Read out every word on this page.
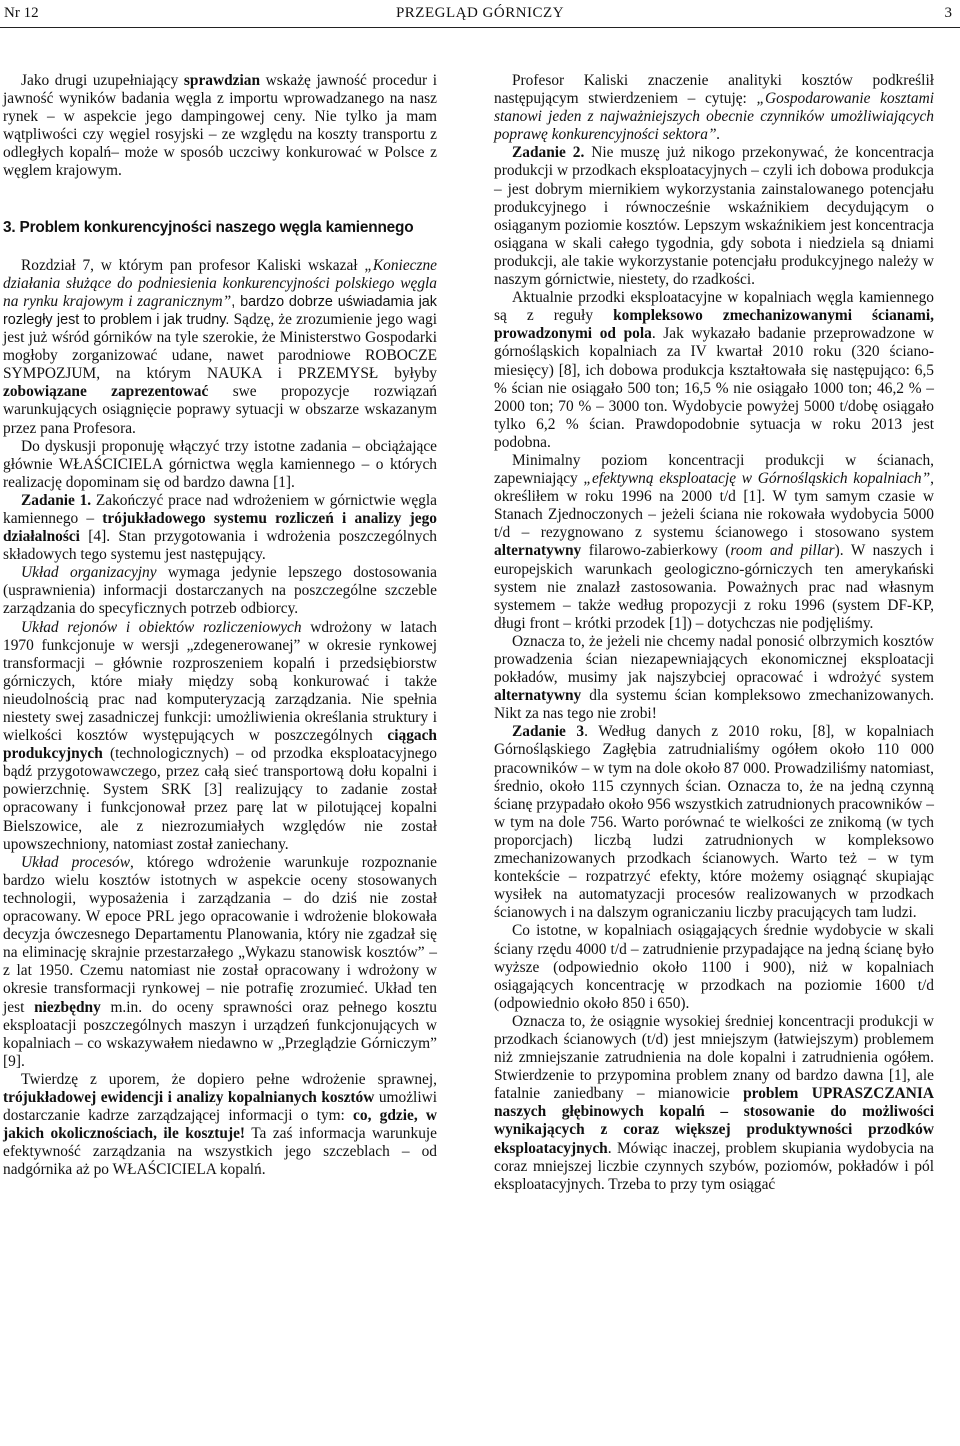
Nr 12	PRZEGLĄD GÓRNICZY	3

Jako drugi uzupełniający sprawdzian wskażę jawność procedur i jawność wyników badania węgla z importu wprowadzanego na nasz rynek – w aspekcie jego dampingowej ceny. Nie tylko ja mam wątpliwości czy węgiel rosyjski – ze względu na koszty transportu z odległych kopalń– może w sposób uczciwy konkurować w Polsce z węglem krajowym.

3. Problem konkurencyjności naszego węgla kamiennego

Rozdział 7, w którym pan profesor Kaliski wskazał „Konieczne działania służące do podniesienia konkurencyjności polskiego węgla na rynku krajowym i zagranicznym”, bardzo dobrze uświadamia jak rozległy jest to problem i jak trudny. Sądzę, że zrozumienie jego wagi jest już wśród górników na tyle szerokie, że Ministerstwo Gospodarki mogłoby zorganizować udane, nawet parodniowe ROBOCZE SYMPOZJUM, na którym NAUKA i PRZEMYSŁ byłyby zobowiązane zaprezentować swe propozycje rozwiązań warunkujących osiągnięcie poprawy sytuacji w obszarze wskazanym przez pana Profesora.

Do dyskusji proponuję włączyć trzy istotne zadania – obciążające głównie WŁAŚCICIELA górnictwa węgla kamiennego – o których realizację dopominam się od bardzo dawna [1].

Zadanie 1. Zakończyć prace nad wdrożeniem w górnictwie węgla kamiennego – trójukładowego systemu rozliczeń i analizy jego działalności [4]. Stan przygotowania i wdrożenia poszczególnych składowych tego systemu jest następujący.

Układ organizacyjny wymaga jedynie lepszego dostosowania (usprawnienia) informacji dostarczanych na poszczególne szczeble zarządzania do specyficznych potrzeb odbiorcy.

Układ rejonów i obiektów rozliczeniowych wdrożony w latach 1970 funkcjonuje w wersji „zdegenerowanej” w okresie rynkowej transformacji – głównie rozproszeniem kopalń i przedsiębiorstw górniczych, które miały między sobą konkurować i także nieudolnością prac nad komputeryzacją zarządzania. Nie spełnia niestety swej zasadniczej funkcji: umożliwienia określania struktury i wielkości kosztów występujących w poszczególnych ciągach produkcyjnych (technologicznych) – od przodka eksploatacyjnego bądź przygotowawczego, przez całą sieć transportową dołu kopalni i powierzchnię. System SRK [3] realizujący to zadanie został opracowany i funkcjonował przez parę lat w pilotującej kopalni Bielszowice, ale z niezrozumiałych względów nie został upowszechniony, natomiast został zaniechany.

Układ procesów, którego wdrożenie warunkuje rozpoznanie bardzo wielu kosztów istotnych w aspekcie oceny stosowanych technologii, wyposażenia i zarządzania – do dziś nie został opracowany. W epoce PRL jego opracowanie i wdrożenie blokowała decyzja ówczesnego Departamentu Planowania, który nie zgadzał się na eliminację skrajnie przestarzałego „Wykazu stanowisk kosztów” – z lat 1950. Czemu natomiast nie został opracowany i wdrożony w okresie transformacji rynkowej – nie potrafię zrozumieć. Układ ten jest niezbędny m.in. do oceny sprawności oraz pełnego kosztu eksploatacji poszczególnych maszyn i urządzeń funkcjonujących w kopalniach – co wskazywałem niedawno w „Przeglądzie Górniczym” [9].

Twierdzę z uporem, że dopiero pełne wdrożenie sprawnej, trójukładowej ewidencji i analizy kopalnianych kosztów umożliwi dostarczanie kadrze zarządzającej informacji o tym: co, gdzie, w jakich okolicznościach, ile kosztuje! Ta zaś informacja warunkuje efektywność zarządzania na wszystkich jego szczeblach – od nadgórnika aż po WŁAŚCICIELA kopalń.

Profesor Kaliski znaczenie analityki kosztów podkreślił następującym stwierdzeniem – cytuję: „Gospodarowanie kosztami stanowi jeden z najważniejszych obecnie czynników umożliwiających poprawę konkurencyjności sektora”.

Zadanie 2. Nie muszę już nikogo przekonywać, że koncentracja produkcji w przodkach eksploatacyjnych – czyli ich dobowa produkcja – jest dobrym miernikiem wykorzystania zainstalowanego potencjału produkcyjnego i równocześnie wskaźnikiem decydującym o osiąganym poziomie kosztów. Lepszym wskaźnikiem jest koncentracja osiągana w skali całego tygodnia, gdy sobota i niedziela są dniami produkcji, ale takie wykorzystanie potencjału produkcyjnego należy w naszym górnictwie, niestety, do rzadkości.

Aktualnie przodki eksploatacyjne w kopalniach węgla kamiennego są z reguły kompleksowo zmechanizowanymi ścianami, prowadzonymi od pola. Jak wykazało badanie przeprowadzone w górnośląskich kopalniach za IV kwartał 2010 roku (320 ściano-miesięcy) [8], ich dobowa produkcja kształtowała się następująco: 6,5 % ścian nie osiągało 500 ton; 16,5 % nie osiągało 1000 ton; 46,2 % – 2000 ton; 70 % – 3000 ton. Wydobycie powyżej 5000 t/dobę osiągało tylko 6,2 % ścian. Prawdopodobnie sytuacja w roku 2013 jest podobna.

Minimalny poziom koncentracji produkcji w ścianach, zapewniający „efektywną eksploatację w Górnośląskich kopalniach”, określiłem w roku 1996 na 2000 t/d [1]. W tym samym czasie w Stanach Zjednoczonych – jeżeli ściana nie rokowała wydobycia 5000 t/d – rezygnowano z systemu ścianowego i stosowano system alternatywny filarowo-zabierkowy (room and pillar). W naszych i europejskich warunkach geologiczno-górniczych ten amerykański system nie znalazł zastosowania. Poważnych prac nad własnym systemem – także według propozycji z roku 1996 (system DF-KP, długi front – krótki przodek [1]) – dotychczas nie podjęliśmy.

Oznacza to, że jeżeli nie chcemy nadal ponosić olbrzymich kosztów prowadzenia ścian niezapewniających ekonomicznej eksploatacji pokładów, musimy jak najszybciej opracować i wdrożyć system alternatywny dla systemu ścian kompleksowo zmechanizowanych. Nikt za nas tego nie zrobi!

Zadanie 3. Według danych z 2010 roku, [8], w kopalniach Górnośląskiego Zagłębia zatrudnialiśmy ogółem około 110 000 pracowników – w tym na dole około 87 000. Prowadziliśmy natomiast, średnio, około 115 czynnych ścian. Oznacza to, że na jedną czynną ścianę przypadało około 956 wszystkich zatrudnionych pracowników – w tym na dole 756. Warto porównać te wielkości ze znikomą (w tych proporcjach) liczbą ludzi zatrudnionych w kompleksowo zmechanizowanych przodkach ścianowych. Warto też – w tym kontekście – rozpatrzyć efekty, które możemy osiągnąć skupiając wysiłek na automatyzacji procesów realizowanych w przodkach ścianowych i na dalszym ograniczaniu liczby pracujących tam ludzi.

Co istotne, w kopalniach osiągających średnie wydobycie w skali ściany rzędu 4000 t/d – zatrudnienie przypadające na jedną ścianę było wyższe (odpowiednio około 1100 i 900), niż w kopalniach osiągających koncentrację w przodkach na poziomie 1600 t/d (odpowiednio około 850 i 650).

Oznacza to, że osiągnie wysokiej średniej koncentracji produkcji w przodkach ścianowych (t/d) jest mniejszym (łatwiejszym) problemem niż zmniejszanie zatrudnienia na dole kopalni i zatrudnienia ogółem. Stwierdzenie to przypomina problem znany od bardzo dawna [1], ale fatalnie zaniedbany – mianowicie problem UPRASZCZANIA naszych głębinowych kopalń – stosowanie do możliwości wynikających z coraz większej produktywności przodków eksploatacyjnych. Mówiąc inaczej, problem skupiania wydobycia na coraz mniejszej liczbie czynnych szybów, poziomów, pokładów i pól eksploatacyjnych. Trzeba to przy tym osiągać
